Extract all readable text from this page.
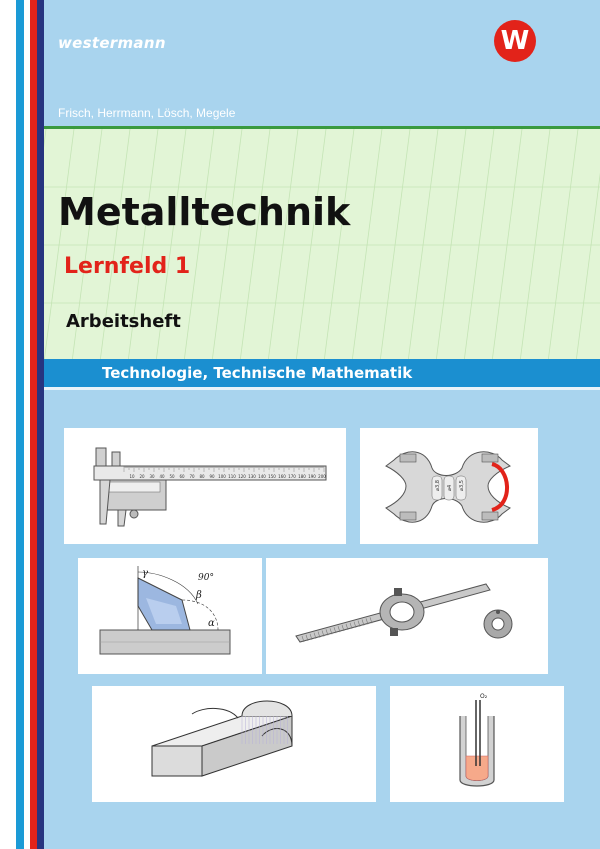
westermann	W
Frisch, Herrmann, Lösch, Megele
Metalltechnik
Lernfeld 1
Arbeitsheft
Technologie, Technische Mathematik
10 20 30 40 50 60 70 80 90 100 110 120 130 140 150 160 170 180 190 200
⌀3,8 ⌀4 ⌀3,5
γ
β
α
90°
O₂
